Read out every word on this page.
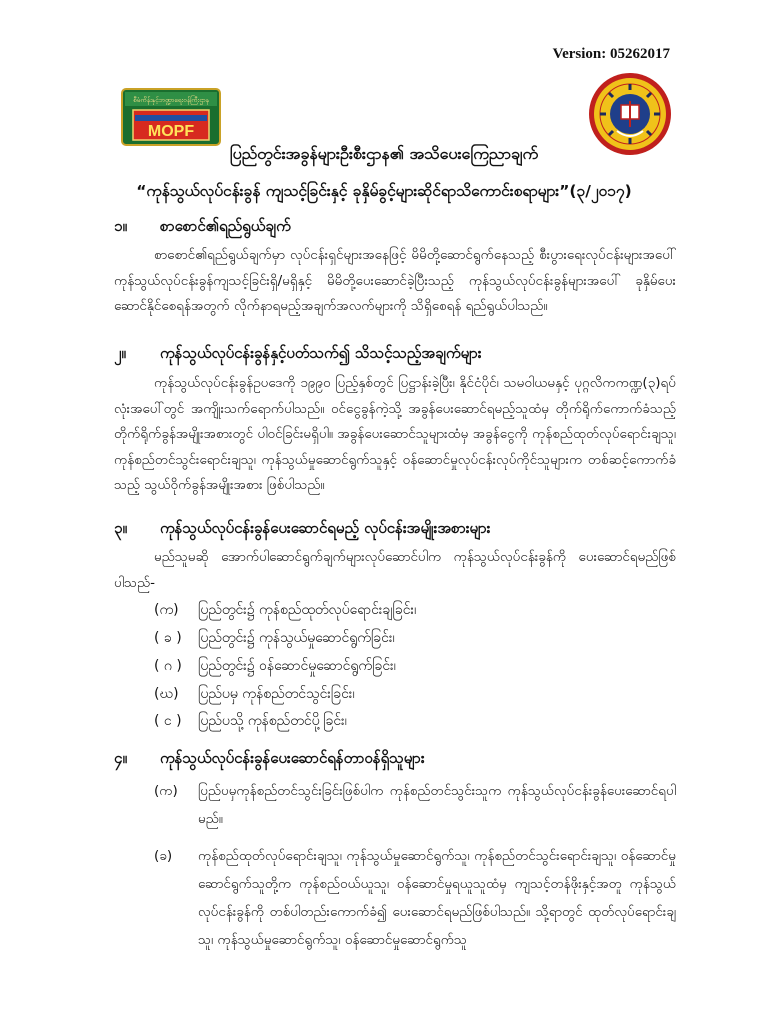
Version: 05262017
စီမံကိန်းနှင့်ဘဏ္ဍာရေးဝန်ကြီးဌာန
MOPF
ပြည်တွင်းအခွန်များဦးစီးဌာန၏ အသိပေးကြေညာချက်
“ကုန်သွယ်လုပ်ငန်းခွန် ကျသင့်ခြင်းနှင့် ခုနှိမ်ခွင့်များဆိုင်ရာသိကောင်းစရာများ”(၃/၂၀၁၇)
၁။ စာစောင်၏ရည်ရွယ်ချက်
စာစောင်၏ရည်ရွယ်ချက်မှာ လုပ်ငန်းရှင်များအနေဖြင့် မိမိတို့ဆောင်ရွက်နေသည့် စီးပွားရေးလုပ်ငန်းများအပေါ် ကုန်သွယ်လုပ်ငန်းခွန်ကျသင့်ခြင်းရှိ/မရှိနှင့် မိမိတို့ပေးဆောင်ခဲ့ပြီးသည့် ကုန်သွယ်လုပ်ငန်းခွန်များအပေါ် ခုနှိမ်ပေးဆောင်နိုင်စေရန်အတွက် လိုက်နာရမည့်အချက်အလက်များကို သိရှိစေရန် ရည်ရွယ်ပါသည်။
၂။ ကုန်သွယ်လုပ်ငန်းခွန်နှင့်ပတ်သက်၍ သိသင့်သည့်အချက်များ
ကုန်သွယ်လုပ်ငန်းခွန်ဥပဒေကို ၁၉၉၀ ပြည့်နှစ်တွင် ပြဋ္ဌာန်းခဲ့ပြီး၊ နိုင်ငံပိုင်၊ သမဝါယမနှင့် ပုဂ္ဂလိကကဏ္ဍ(၃)ရပ်လုံးအပေါ်တွင် အကျိုးသက်ရောက်ပါသည်။ ဝင်ငွေခွန်ကဲ့သို့ အခွန်ပေးဆောင်ရမည့်သူထံမှ တိုက်ရိုက်ကောက်ခံသည့် တိုက်ရိုက်ခွန်အမျိုးအစားတွင် ပါဝင်ခြင်းမရှိပါ။ အခွန်ပေးဆောင်သူများထံမှ အခွန်ငွေကို ကုန်စည်ထုတ်လုပ်ရောင်းချသူ၊ ကုန်စည်တင်သွင်းရောင်းချသူ၊ ကုန်သွယ်မှုဆောင်ရွက်သူနှင့် ဝန်ဆောင်မှုလုပ်ငန်းလုပ်ကိုင်သူများက တစ်ဆင့်ကောက်ခံသည့် သွယ်ဝိုက်ခွန်အမျိုးအစား ဖြစ်ပါသည်။
၃။ ကုန်သွယ်လုပ်ငန်းခွန်ပေးဆောင်ရမည့် လုပ်ငန်းအမျိုးအစားများ
မည်သူမဆို အောက်ပါဆောင်ရွက်ချက်များလုပ်ဆောင်ပါက ကုန်သွယ်လုပ်ငန်းခွန်ကို ပေးဆောင်ရမည်ဖြစ်ပါသည်-
(က) ပြည်တွင်း၌ ကုန်စည်ထုတ်လုပ်ရောင်းချခြင်း၊
( ခ ) ပြည်တွင်း၌ ကုန်သွယ်မှုဆောင်ရွက်ခြင်း၊
( ဂ ) ပြည်တွင်း၌ ဝန်ဆောင်မှုဆောင်ရွက်ခြင်း၊
(ဃ) ပြည်ပမှ ကုန်စည်တင်သွင်းခြင်း၊
( င ) ပြည်ပသို့ ကုန်စည်တင်ပို့ခြင်း၊
၄။ ကုန်သွယ်လုပ်ငန်းခွန်ပေးဆောင်ရန်တာဝန်ရှိသူများ
(က) ပြည်ပမှကုန်စည်တင်သွင်းခြင်းဖြစ်ပါက ကုန်စည်တင်သွင်းသူက ကုန်သွယ်လုပ်ငန်းခွန်ပေးဆောင်ရပါမည်။
(ခ) ကုန်စည်ထုတ်လုပ်ရောင်းချသူ၊ ကုန်သွယ်မှုဆောင်ရွက်သူ၊ ကုန်စည်တင်သွင်းရောင်းချသူ၊ ဝန်ဆောင်မှုဆောင်ရွက်သူတို့က ကုန်စည်ဝယ်ယူသူ၊ ဝန်ဆောင်မှုရယူသူထံမှ ကျသင့်တန်ဖိုးနှင့်အတူ ကုန်သွယ်လုပ်ငန်းခွန်ကို တစ်ပါတည်းကောက်ခံ၍ ပေးဆောင်ရမည်ဖြစ်ပါသည်။ သို့ရာတွင် ထုတ်လုပ်ရောင်းချသူ၊ ကုန်သွယ်မှုဆောင်ရွက်သူ၊ ဝန်ဆောင်မှုဆောင်ရွက်သူ
